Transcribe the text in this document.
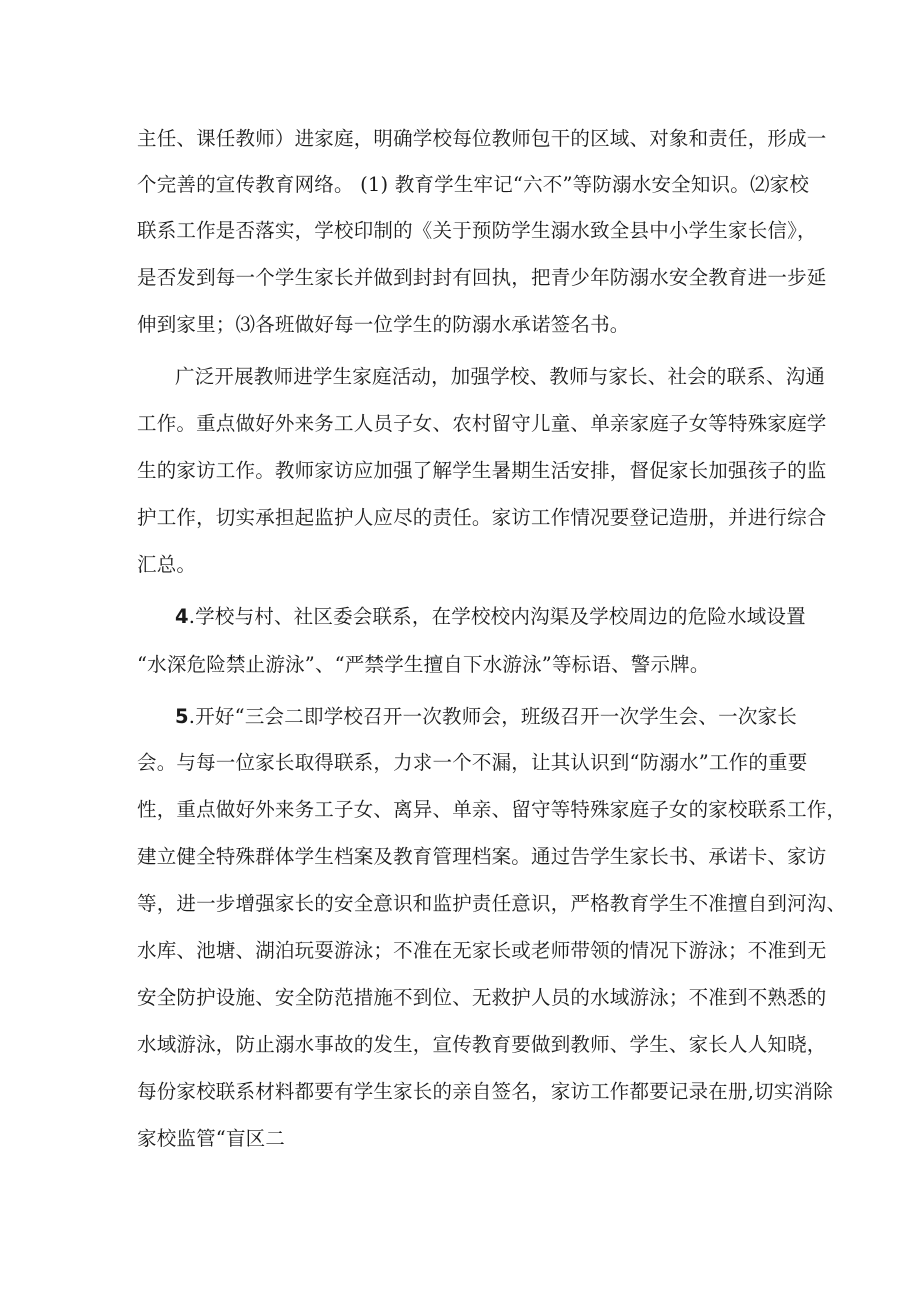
主任、课任教师）进家庭，明确学校每位教师包干的区域、对象和责任，形成一
个完善的宣传教育网络。 (1) 教育学生牢记“六不”等防溺水安全知识。⑵家校
联系工作是否落实，学校印制的《关于预防学生溺水致全县中小学生家长信》，
是否发到每一个学生家长并做到封封有回执，把青少年防溺水安全教育进一步延
伸到家里；⑶各班做好每一位学生的防溺水承诺签名书。
广泛开展教师进学生家庭活动，加强学校、教师与家长、社会的联系、沟通
工作。重点做好外来务工人员子女、农村留守儿童、单亲家庭子女等特殊家庭学
生的家访工作。教师家访应加强了解学生暑期生活安排，督促家长加强孩子的监
护工作，切实承担起监护人应尽的责任。家访工作情况要登记造册，并进行综合
汇总。
4.学校与村、社区委会联系，在学校校内沟渠及学校周边的危险水域设置
“水深危险禁止游泳”、“严禁学生擅自下水游泳”等标语、警示牌。
5.开好“三会二即学校召开一次教师会，班级召开一次学生会、一次家长
会。与每一位家长取得联系，力求一个不漏，让其认识到“防溺水”工作的重要
性，重点做好外来务工子女、离异、单亲、留守等特殊家庭子女的家校联系工作，
建立健全特殊群体学生档案及教育管理档案。通过告学生家长书、承诺卡、家访
等，进一步增强家长的安全意识和监护责任意识，严格教育学生不准擅自到河沟、
水库、池塘、湖泊玩耍游泳；不准在无家长或老师带领的情况下游泳；不准到无
安全防护设施、安全防范措施不到位、无救护人员的水域游泳；不准到不熟悉的
水域游泳，防止溺水事故的发生，宣传教育要做到教师、学生、家长人人知晓，
每份家校联系材料都要有学生家长的亲自签名，家访工作都要记录在册,切实消除
家校监管“盲区二
